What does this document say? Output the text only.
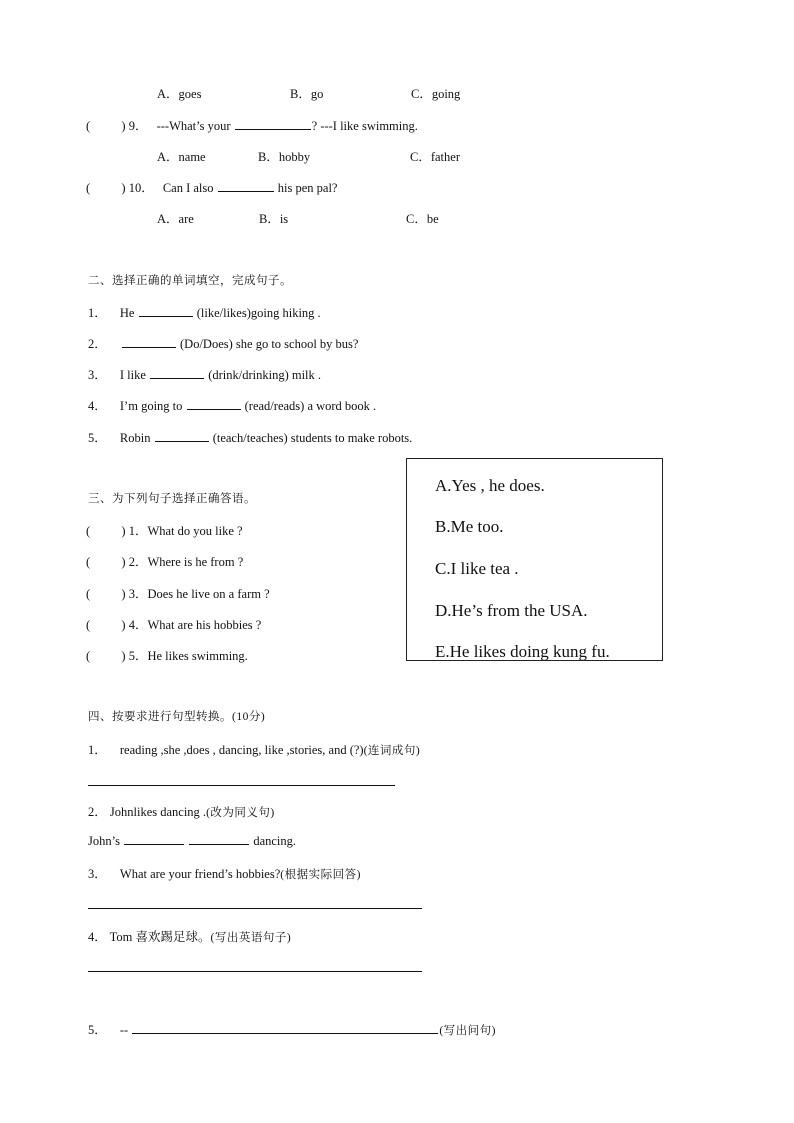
A．goes	B．go	C．going
(          ) 9． ---What’s your	? ---I like swimming.
A．name	B．hobby	C．father
(          ) 10． Can I also	his pen pal?
A．are	B．is	C．be
二、选择正确的单词填空，完成句子。
1． He	(like/likes)going hiking .
2．	(Do/Does) she go to school by bus?
3． I like	(drink/drinking) milk .
4． I’m going to	(read/reads) a word book .
5． Robin	(teach/teaches) students to make robots.
三、为下列句子选择正确答语。
(          ) 1．What do you like ?
(          ) 2．Where is he from ?
(          ) 3．Does he live on a farm ?
(          ) 4．What are his hobbies ?
(          ) 5．He likes swimming.
A.Yes , he does.
B.Me too.
C.I like tea .
D.He’s from the USA.
E.He likes doing kung fu.
四、按要求进行句型转换。(10分)
1． reading ,she ,does , dancing, like ,stories, and (?)(连词成句)
2． Johnlikes dancing .(改为同义句)
John’s	dancing.
3． What are your friend’s hobbies?(根据实际回答)
4． Tom 喜欢踢足球。(写出英语句子)
5． --	(写出问句)
